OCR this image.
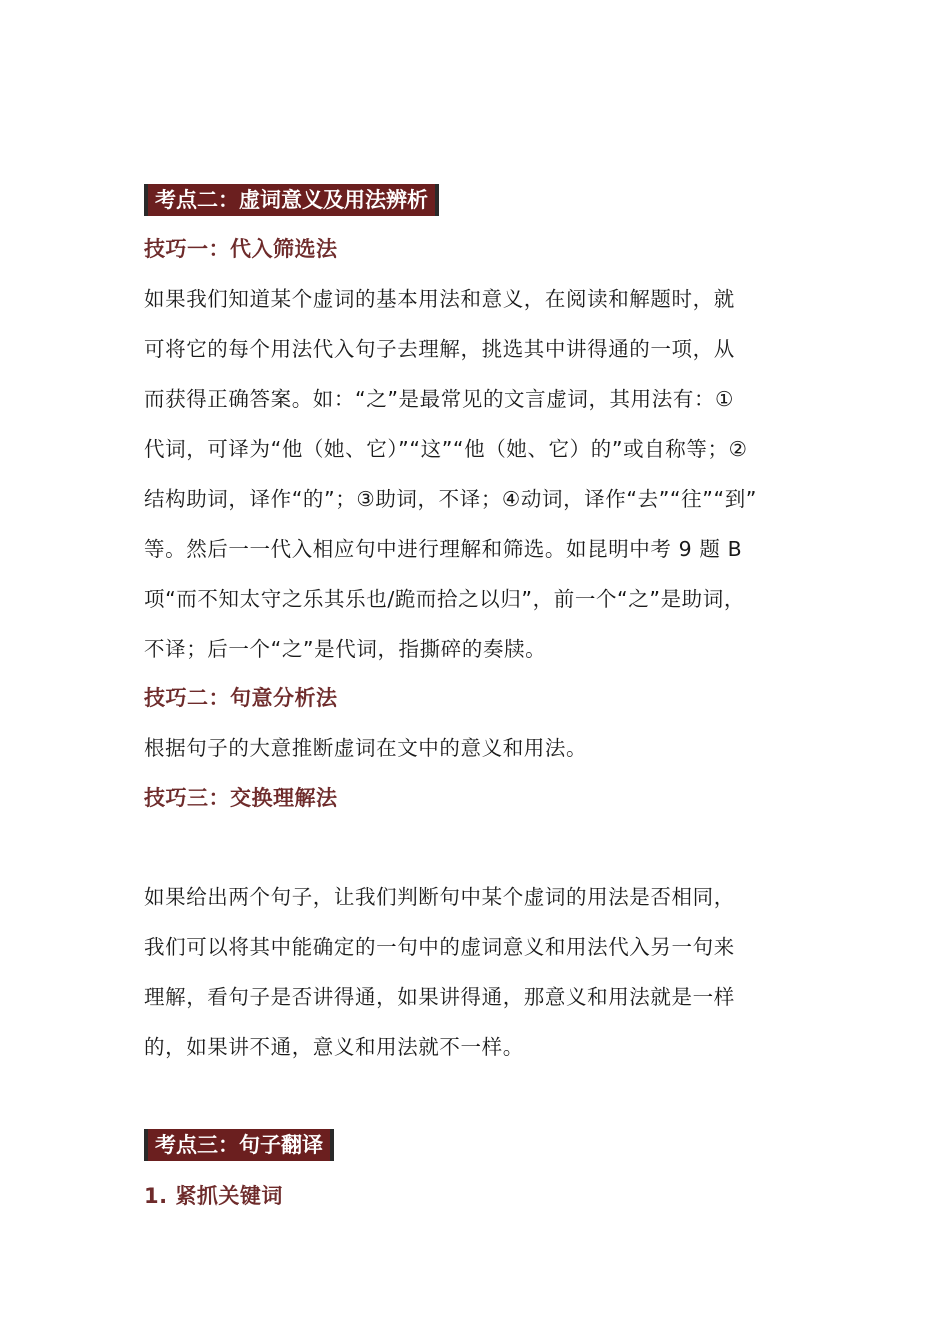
考点二：虚词意义及用法辨析
技巧一：代入筛选法
如果我们知道某个虚词的基本用法和意义，在阅读和解题时，就
可将它的每个用法代入句子去理解，挑选其中讲得通的一项，从
而获得正确答案。如：“之”是最常见的文言虚词，其用法有：①
代词，可译为“他（她、它）”“这”“他（她、它）的”或自称等；②
结构助词，译作“的”；③助词，不译；④动词，译作“去”“往”“到”
等。然后一一代入相应句中进行理解和筛选。如昆明中考 9 题 B
项“而不知太守之乐其乐也/跪而拾之以归”，前一个“之”是助词，
不译；后一个“之”是代词，指撕碎的奏牍。
技巧二：句意分析法
根据句子的大意推断虚词在文中的意义和用法。
技巧三：交换理解法
如果给出两个句子，让我们判断句中某个虚词的用法是否相同，
我们可以将其中能确定的一句中的虚词意义和用法代入另一句来
理解，看句子是否讲得通，如果讲得通，那意义和用法就是一样
的，如果讲不通，意义和用法就不一样。
考点三：句子翻译
1. 紧抓关键词
